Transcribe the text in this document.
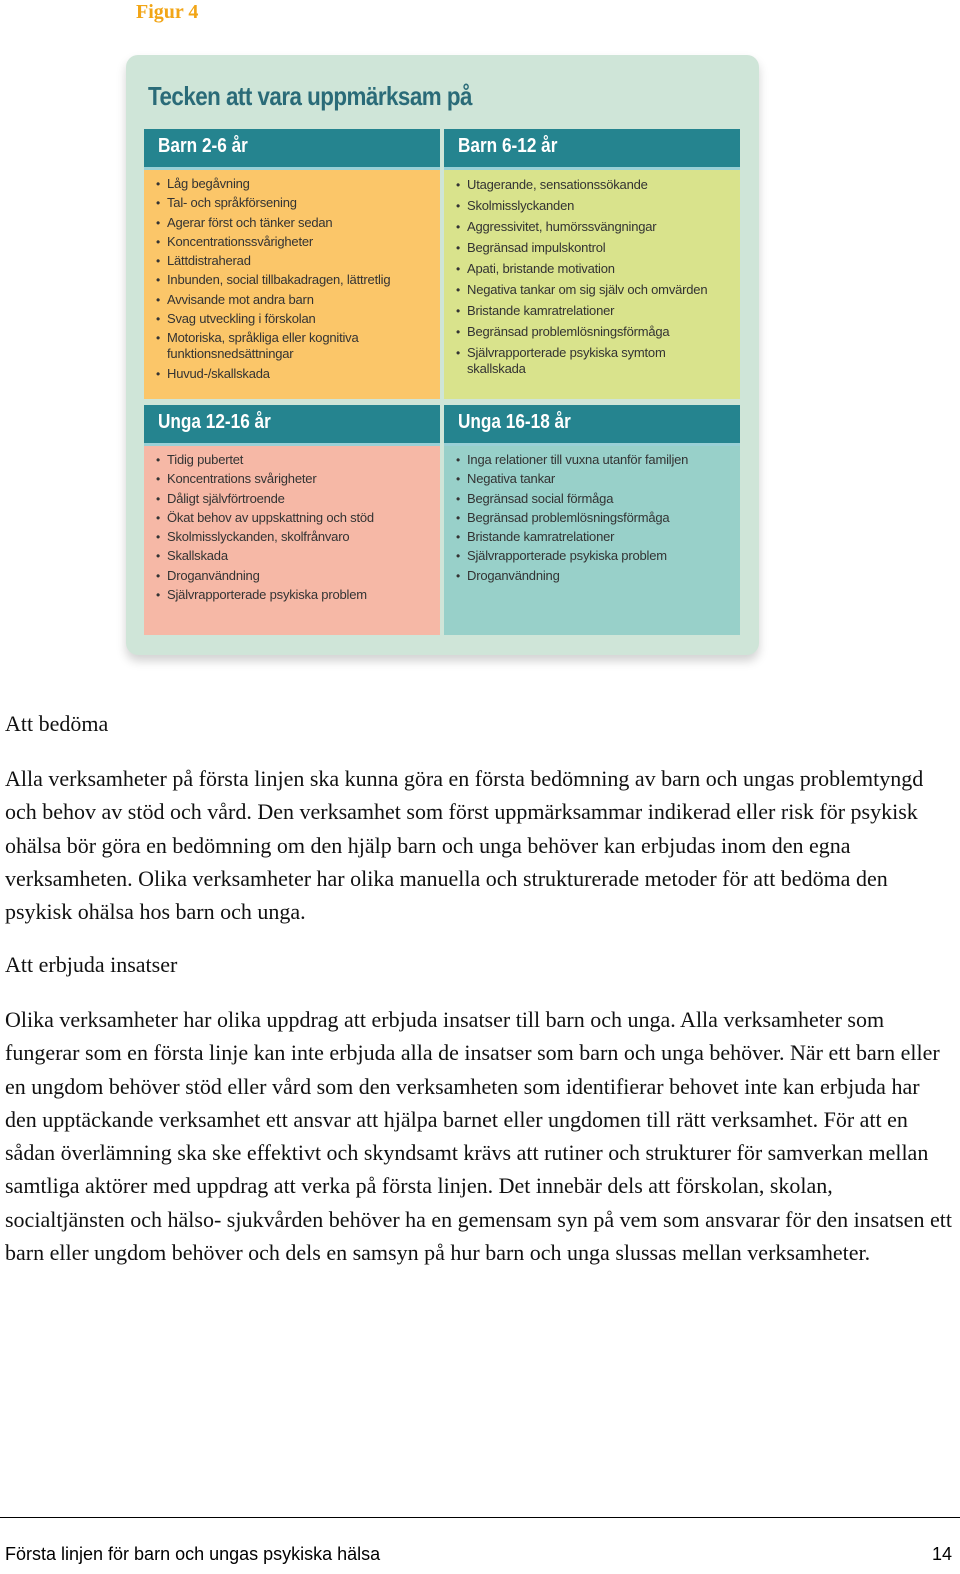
Figur 4
Tecken att vara uppmärksam på
Barn 2-6 år
• Låg begåvning
• Tal- och språkförsening
• Agerar först och tänker sedan
• Koncentrationssvårigheter
• Lättdistraherad
• Inbunden, social tillbakadragen, lättretlig
• Avvisande mot andra barn
• Svag utveckling i förskolan
• Motoriska, språkliga eller kognitiva funktionsnedsättningar
• Huvud-/skallskada
Barn 6-12 år
• Utagerande, sensationssökande
• Skolmisslyckanden
• Aggressivitet, humörssvängningar
• Begränsad impulskontrol
• Apati, bristande motivation
• Negativa tankar om sig själv och omvärden
• Bristande kamratrelationer
• Begränsad problemlösningsförmåga
• Självrapporterade psykiska symtom skallskada
Unga 12-16 år
• Tidig pubertet
• Koncentrations svårigheter
• Dåligt självförtroende
• Ökat behov av uppskattning och stöd
• Skolmisslyckanden, skolfrånvaro
• Skallskada
• Droganvändning
• Självrapporterade psykiska problem
Unga 16-18 år
• Inga relationer till vuxna utanför familjen
• Negativa tankar
• Begränsad social förmåga
• Begränsad problemlösningsförmåga
• Bristande kamratrelationer
• Självrapporterade psykiska problem
• Droganvändning
Att bedöma

Alla verksamheter på första linjen ska kunna göra en första bedömning av barn och ungas problemtyngd och behov av stöd och vård. Den verksamhet som först uppmärksammar indikerad eller risk för psykisk ohälsa bör göra en bedömning om den hjälp barn och unga behöver kan erbjudas inom den egna verksamheten. Olika verksamheter har olika manuella och strukturerade metoder för att bedöma den psykisk ohälsa hos barn och unga.

Att erbjuda insatser

Olika verksamheter har olika uppdrag att erbjuda insatser till barn och unga. Alla verksamheter som fungerar som en första linje kan inte erbjuda alla de insatser som barn och unga behöver. När ett barn eller en ungdom behöver stöd eller vård som den verksamheten som identifierar behovet inte kan erbjuda har den upptäckande verksamhet ett ansvar att hjälpa barnet eller ungdomen till rätt verksamhet. För att en sådan överlämning ska ske effektivt och skyndsamt krävs att rutiner och strukturer för samverkan mellan samtliga aktörer med uppdrag att verka på första linjen. Det innebär dels att förskolan, skolan, socialtjänsten och hälso- sjukvården behöver ha en gemensam syn på vem som ansvarar för den insatsen ett barn eller ungdom behöver och dels en samsyn på hur barn och unga slussas mellan verksamheter.

Första linjen för barn och ungas psykiska hälsa	14
